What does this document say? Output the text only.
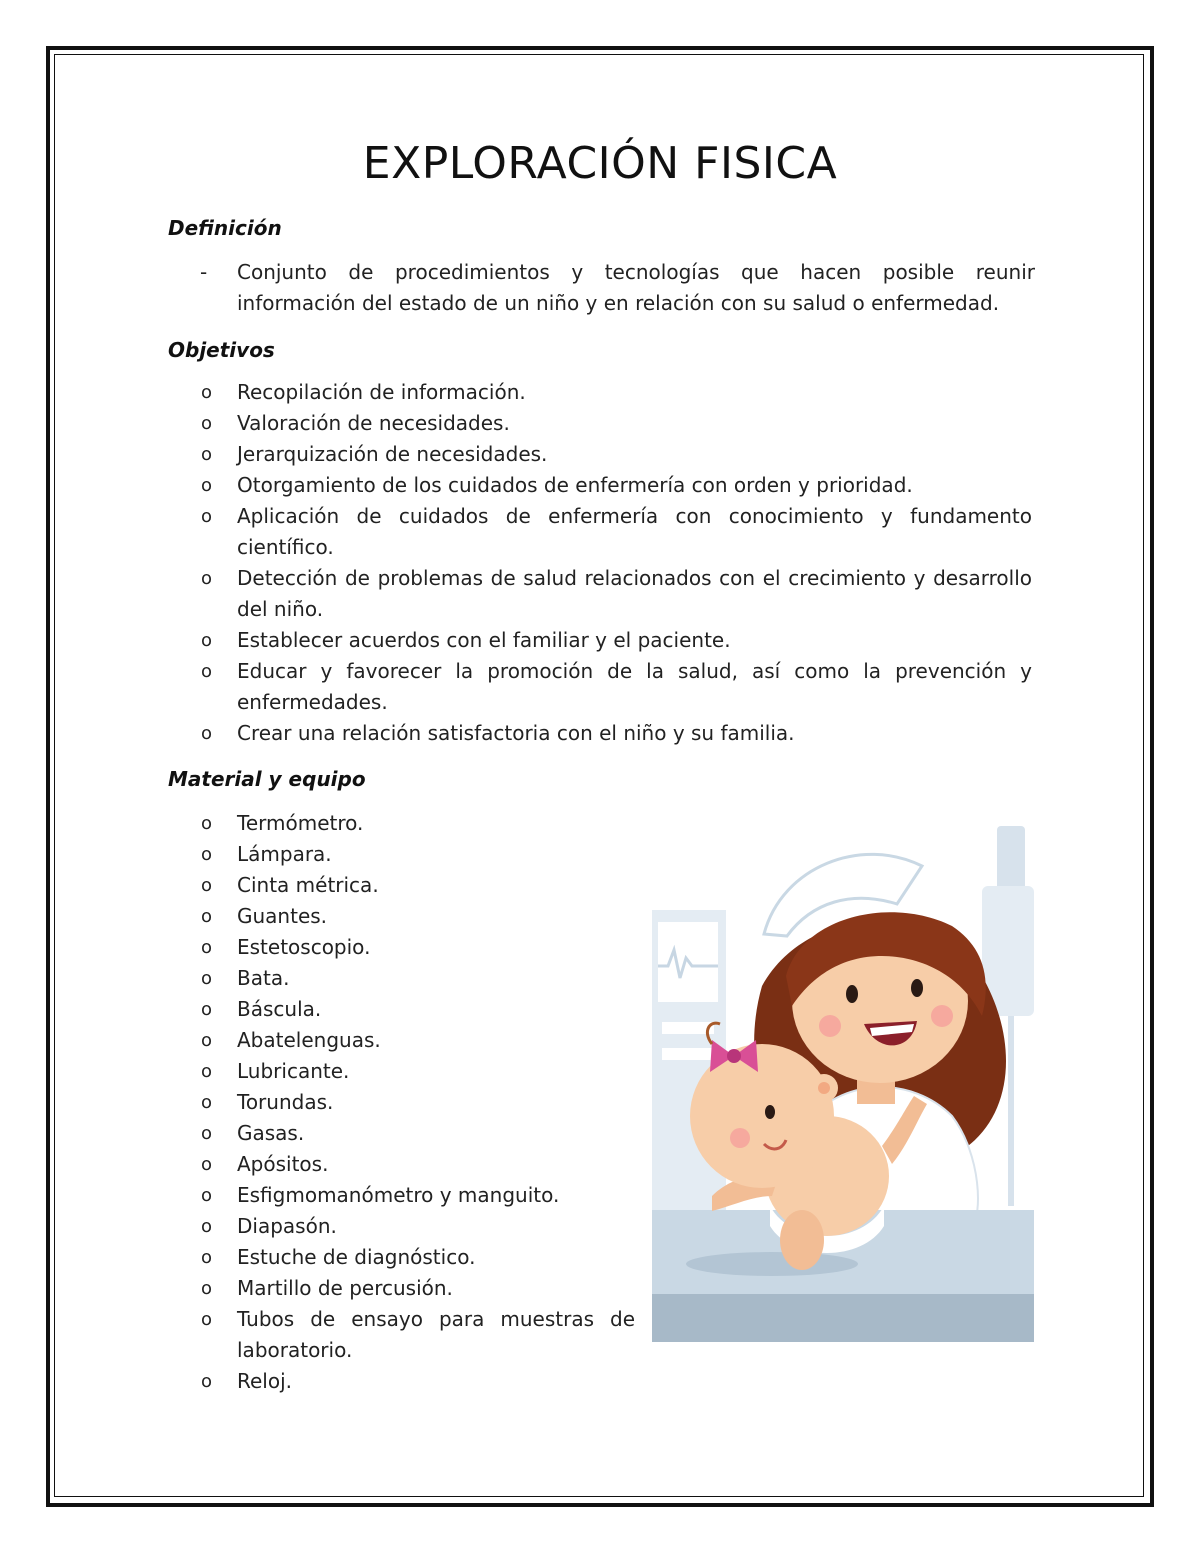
EXPLORACIÓN FISICA
Definición
- Conjunto de procedimientos y tecnologías que hacen posible reunir información del estado de un niño y en relación con su salud o enfermedad.
Objetivos
o Recopilación de información.
o Valoración de necesidades.
o Jerarquización de necesidades.
o Otorgamiento de los cuidados de enfermería con orden y prioridad.
o Aplicación de cuidados de enfermería con conocimiento y fundamento científico.
o Detección de problemas de salud relacionados con el crecimiento y desarrollo del niño.
o Establecer acuerdos con el familiar y el paciente.
o Educar y favorecer la promoción de la salud, así como la prevención y enfermedades.
o Crear una relación satisfactoria con el niño y su familia.
Material y equipo
o Termómetro.
o Lámpara.
o Cinta métrica.
o Guantes.
o Estetoscopio.
o Bata.
o Báscula.
o Abatelenguas.
o Lubricante.
o Torundas.
o Gasas.
o Apósitos.
o Esfigmomanómetro y manguito.
o Diapasón.
o Estuche de diagnóstico.
o Martillo de percusión.
o Tubos de ensayo para muestras de laboratorio.
o Reloj.
